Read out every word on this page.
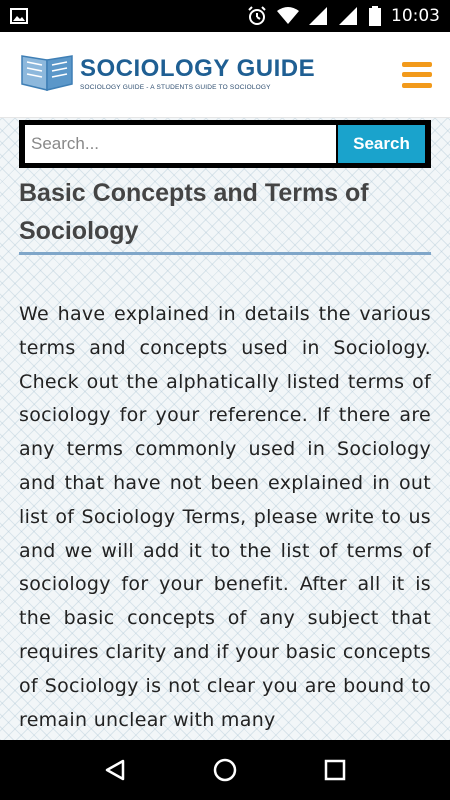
10:03
SOCIOLOGY GUIDE
SOCIOLOGY GUIDE - A STUDENTS GUIDE TO SOCIOLOGY
Search...
Search
Basic Concepts and Terms of Sociology

We have explained in details the various terms and concepts used in Sociology. Check out the alphatically listed terms of sociology for your reference. If there are any terms commonly used in Sociology and that have not been explained in out list of Sociology Terms, please write to us and we will add it to the list of terms of sociology for your benefit. After all it is the basic concepts of any subject that requires clarity and if your basic concepts of Sociology is not clear you are bound to remain unclear with many
